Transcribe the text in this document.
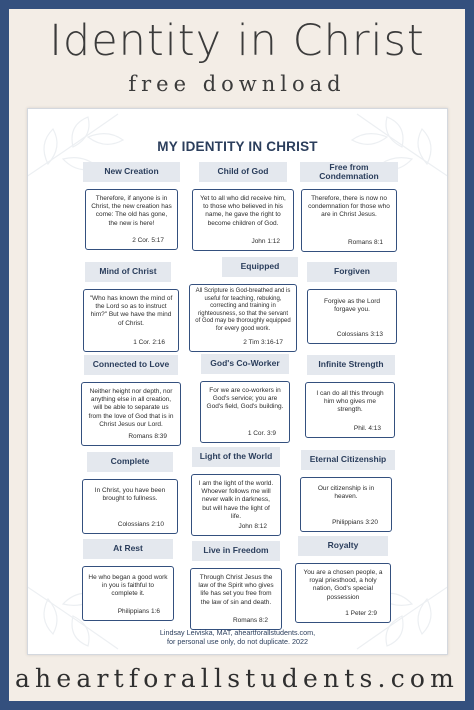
Identity in Christ
free download
MY IDENTITY IN CHRIST
New Creation
Therefore, if anyone is in Christ, the new creation has come: The old has gone, the new is here!
2 Cor. 5:17
Child of God
Yet to all who did receive him, to those who believed in his name, he gave the right to become children of God.
John 1:12
Free from Condemnation
Therefore, there is now no condemnation for those who are in Christ Jesus.
Romans 8:1
Mind of Christ
"Who has known the mind of the Lord so as to instruct him?" But we have the mind of Christ.
1 Cor. 2:16
Equipped
All Scripture is God-breathed and is useful for teaching, rebuking, correcting and training in righteousness, so that the servant of God may be thoroughly equipped for every good work.
2 Tim 3:16-17
Forgiven
Forgive as the Lord forgave you.
Colossians 3:13
Connected to Love
Neither height nor depth, nor anything else in all creation, will be able to separate us from the love of God that is in Christ Jesus our Lord.
Romans 8:39
God's Co-Worker
For we are co-workers in God's service; you are God's field, God's building.
1 Cor. 3:9
Infinite Strength
I can do all this through him who gives me strength.
Phil. 4:13
Complete
In Christ, you have been brought to fullness.
Colossians 2:10
Light of the World
I am the light of the world. Whoever follows me will never walk in darkness, but will have the light of life.
John 8:12
Eternal Citizenship
Our citizenship is in heaven.
Philippians 3:20
At Rest
He who began a good work in you is faithful to complete it.
Philippians 1:6
Live in Freedom
Through Christ Jesus the law of the Spirit who gives life has set you free from the law of sin and death.
Romans 8:2
Royalty
You are a chosen people, a royal priesthood, a holy nation, God's special possession
1 Peter 2:9
Lindsay Leiviska, MAT, aheartforallstudents.com,
for personal use only, do not duplicate. 2022
aheartforallstudents.com
